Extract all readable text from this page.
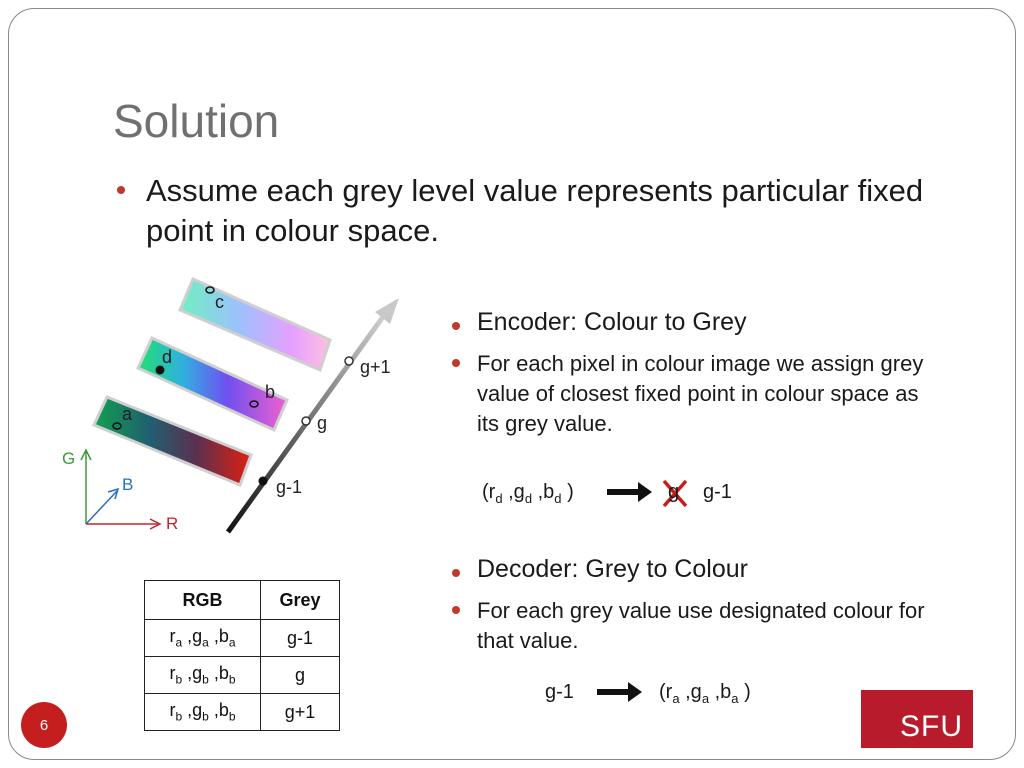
Solution
Assume each grey level value represents particular fixed point in colour space.
c
d
b
a
g+1
g
g-1
G
B
R
Encoder: Colour to Grey
For each pixel in colour image we assign grey value of closest fixed point in colour space as its grey value.
($r_d$ $,g_d$ $,b_d$ )	g g-1
Decoder: Grey to Colour
For each grey value use designated colour for that value.
g-1	($r_a$ $,g_a$ $,b_a$ )
RGB	Grey
$r_a$ $,g_a$ $,b_a$	g-1
$r_b$ $,g_b$ $,b_b$	g
$r_b$ $,g_b$ $,b_b$	g+1
6	SFU
